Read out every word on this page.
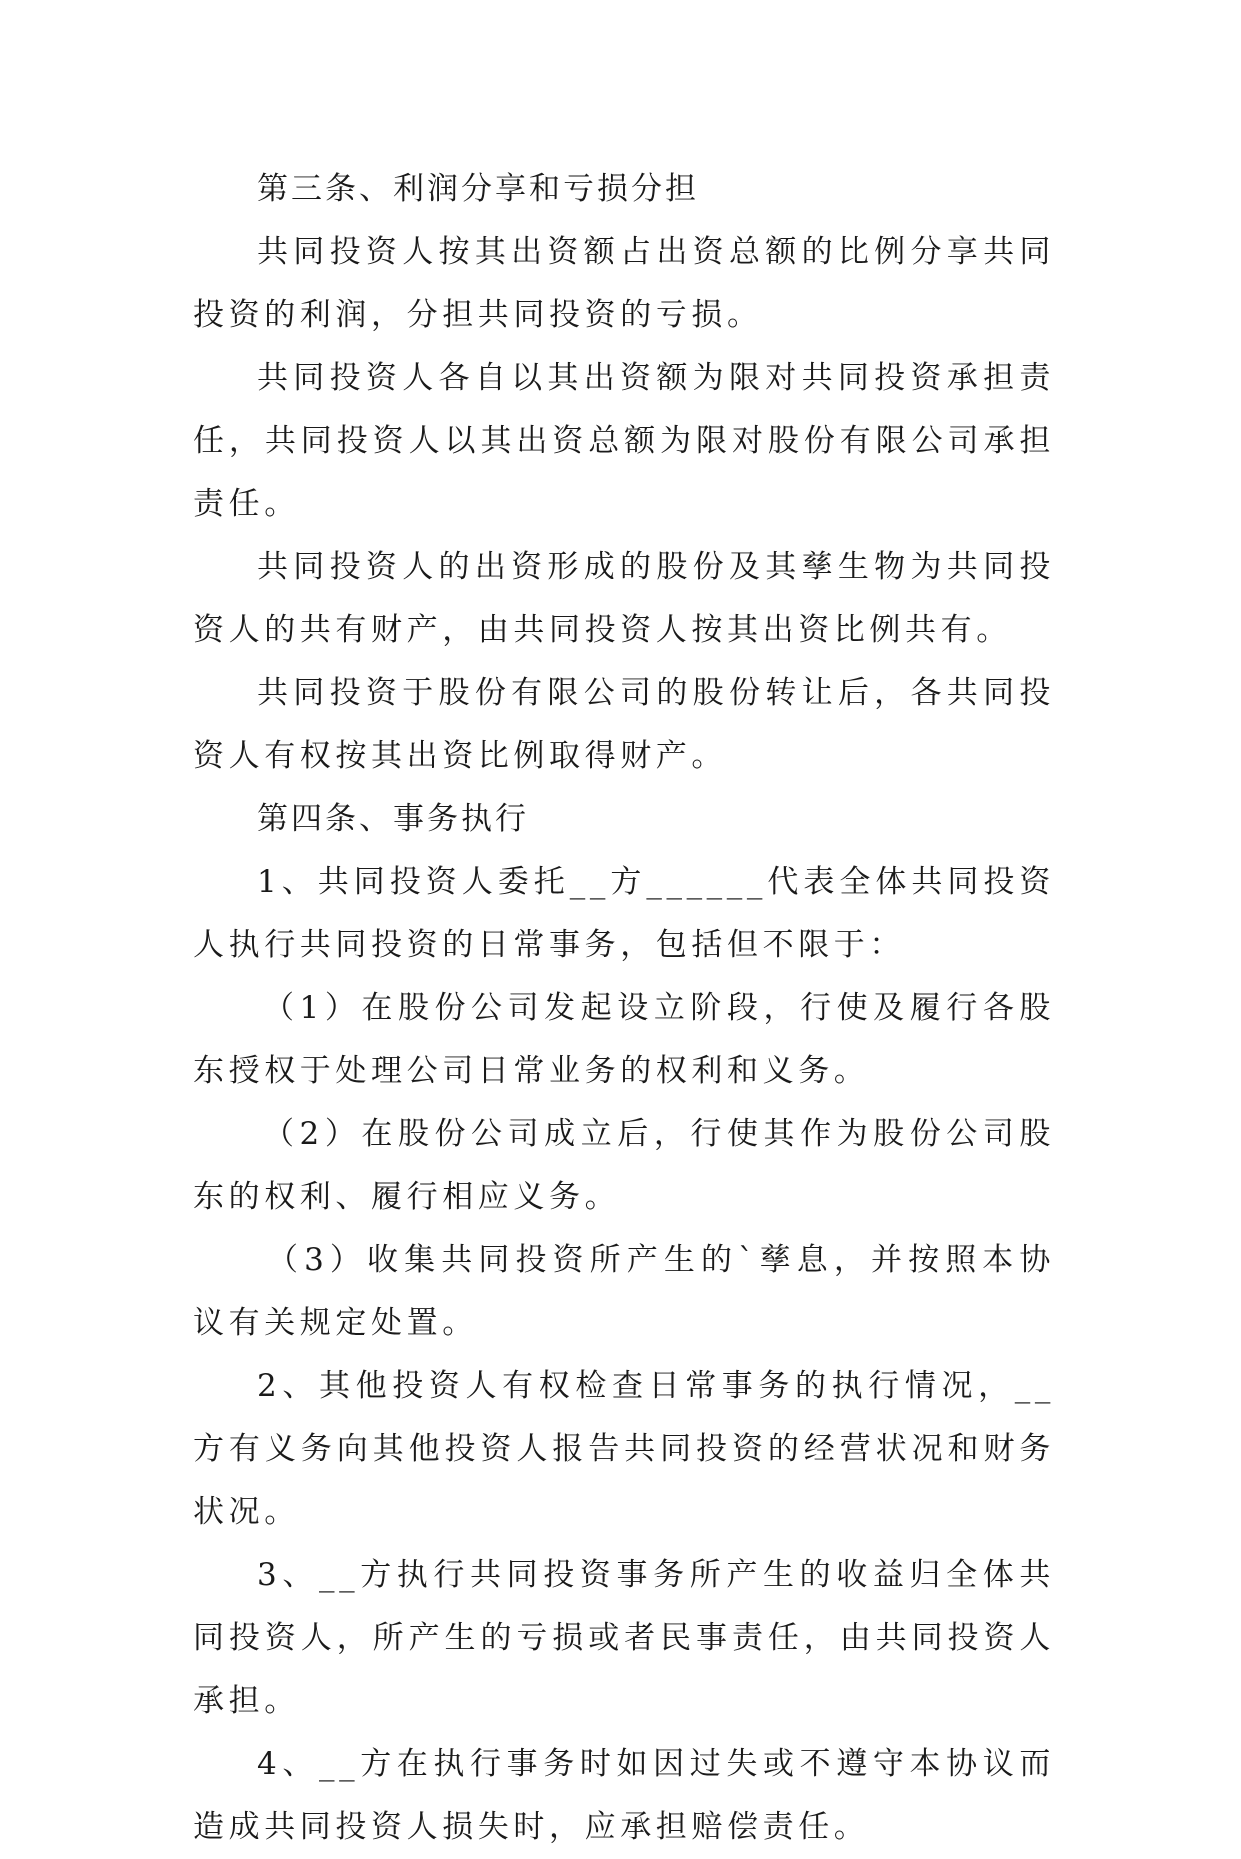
第三条、利润分享和亏损分担

共同投资人按其出资额占出资总额的比例分享共同投资的利润，分担共同投资的亏损。

共同投资人各自以其出资额为限对共同投资承担责任，共同投资人以其出资总额为限对股份有限公司承担责任。

共同投资人的出资形成的股份及其孳生物为共同投资人的共有财产，由共同投资人按其出资比例共有。

共同投资于股份有限公司的股份转让后，各共同投资人有权按其出资比例取得财产。

第四条、事务执行

1、共同投资人委托__方______代表全体共同投资人执行共同投资的日常事务，包括但不限于：

（1）在股份公司发起设立阶段，行使及履行各股东授权于处理公司日常业务的权利和义务。

（2）在股份公司成立后，行使其作为股份公司股东的权利、履行相应义务。

（3）收集共同投资所产生的`孳息，并按照本协议有关规定处置。

2、其他投资人有权检查日常事务的执行情况，__方有义务向其他投资人报告共同投资的经营状况和财务状况。

3、__方执行共同投资事务所产生的收益归全体共同投资人，所产生的亏损或者民事责任，由共同投资人承担。

4、__方在执行事务时如因过失或不遵守本协议而造成共同投资人损失时，应承担赔偿责任。
